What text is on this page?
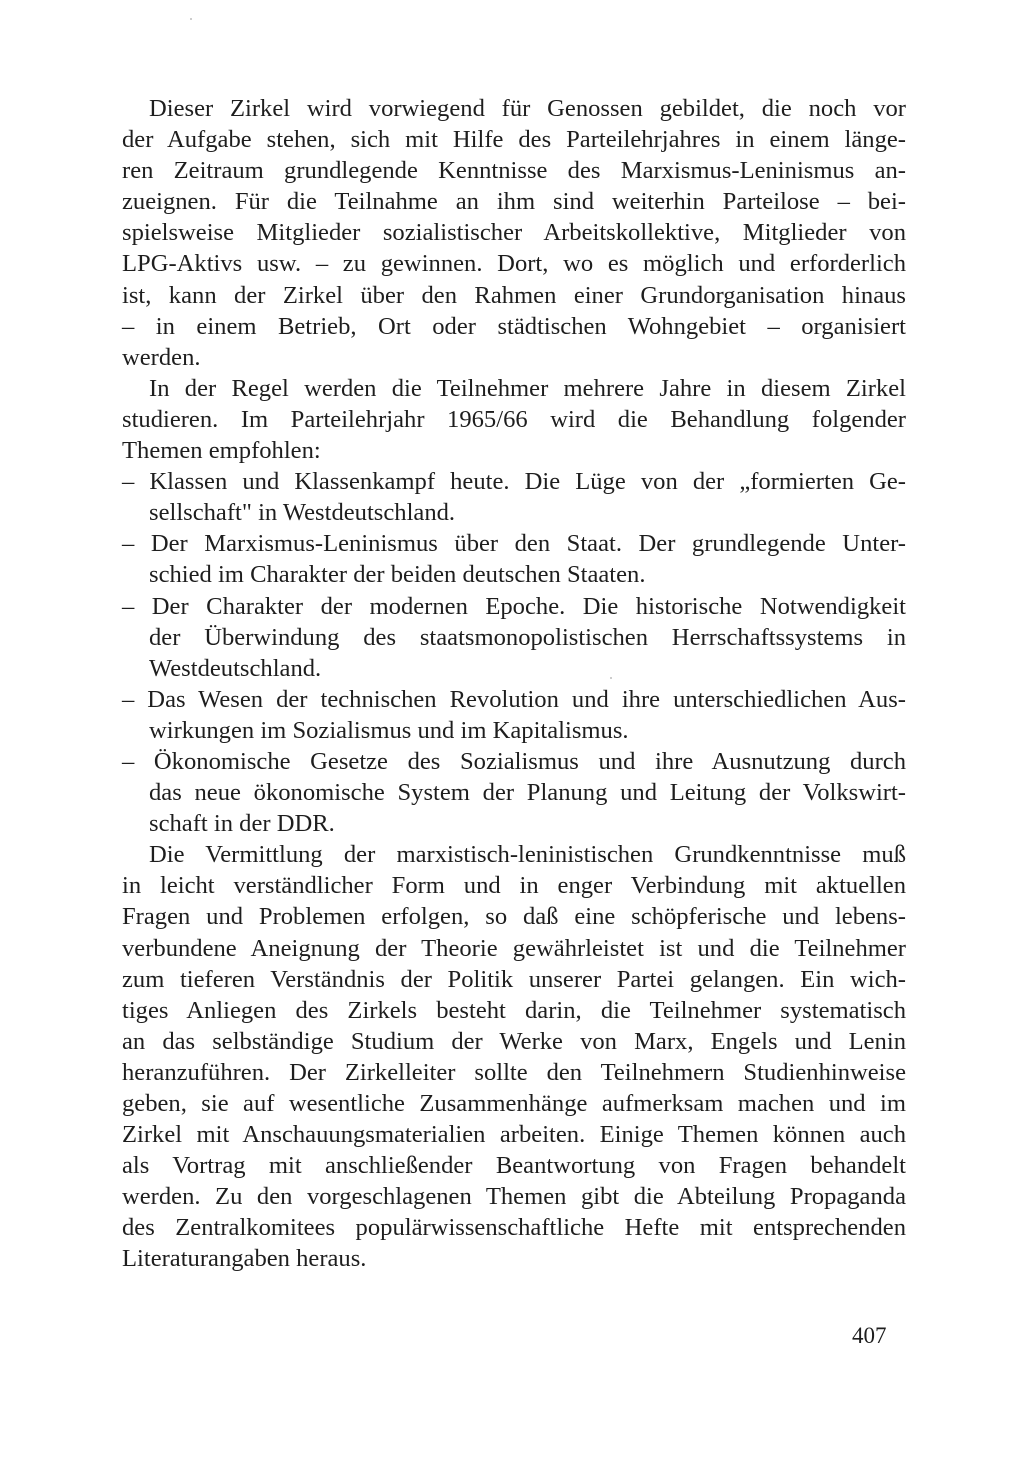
Dieser Zirkel wird vorwiegend für Genossen gebildet, die noch vor
der Aufgabe stehen, sich mit Hilfe des Parteilehrjahres in einem länge-
ren Zeitraum grundlegende Kenntnisse des Marxismus-Leninismus an-
zueignen. Für die Teilnahme an ihm sind weiterhin Parteilose – bei-
spielsweise Mitglieder sozialistischer Arbeitskollektive, Mitglieder von
LPG-Aktivs usw. – zu gewinnen. Dort, wo es möglich und erforderlich
ist, kann der Zirkel über den Rahmen einer Grundorganisation hinaus
– in einem Betrieb, Ort oder städtischen Wohngebiet – organisiert
werden.
In der Regel werden die Teilnehmer mehrere Jahre in diesem Zirkel
studieren. Im Parteilehrjahr 1965/66 wird die Behandlung folgender
Themen empfohlen:
– Klassen und Klassenkampf heute. Die Lüge von der „formierten Ge-
sellschaft" in Westdeutschland.
– Der Marxismus-Leninismus über den Staat. Der grundlegende Unter-
schied im Charakter der beiden deutschen Staaten.
– Der Charakter der modernen Epoche. Die historische Notwendigkeit
der Überwindung des staatsmonopolistischen Herrschaftssystems in
Westdeutschland.
– Das Wesen der technischen Revolution und ihre unterschiedlichen Aus-
wirkungen im Sozialismus und im Kapitalismus.
– Ökonomische Gesetze des Sozialismus und ihre Ausnutzung durch
das neue ökonomische System der Planung und Leitung der Volkswirt-
schaft in der DDR.
Die Vermittlung der marxistisch-leninistischen Grundkenntnisse muß
in leicht verständlicher Form und in enger Verbindung mit aktuellen
Fragen und Problemen erfolgen, so daß eine schöpferische und lebens-
verbundene Aneignung der Theorie gewährleistet ist und die Teilnehmer
zum tieferen Verständnis der Politik unserer Partei gelangen. Ein wich-
tiges Anliegen des Zirkels besteht darin, die Teilnehmer systematisch
an das selbständige Studium der Werke von Marx, Engels und Lenin
heranzuführen. Der Zirkelleiter sollte den Teilnehmern Studienhinweise
geben, sie auf wesentliche Zusammenhänge aufmerksam machen und im
Zirkel mit Anschauungsmaterialien arbeiten. Einige Themen können auch
als Vortrag mit anschließender Beantwortung von Fragen behandelt
werden. Zu den vorgeschlagenen Themen gibt die Abteilung Propaganda
des Zentralkomitees populärwissenschaftliche Hefte mit entsprechenden
Literaturangaben heraus.
407
